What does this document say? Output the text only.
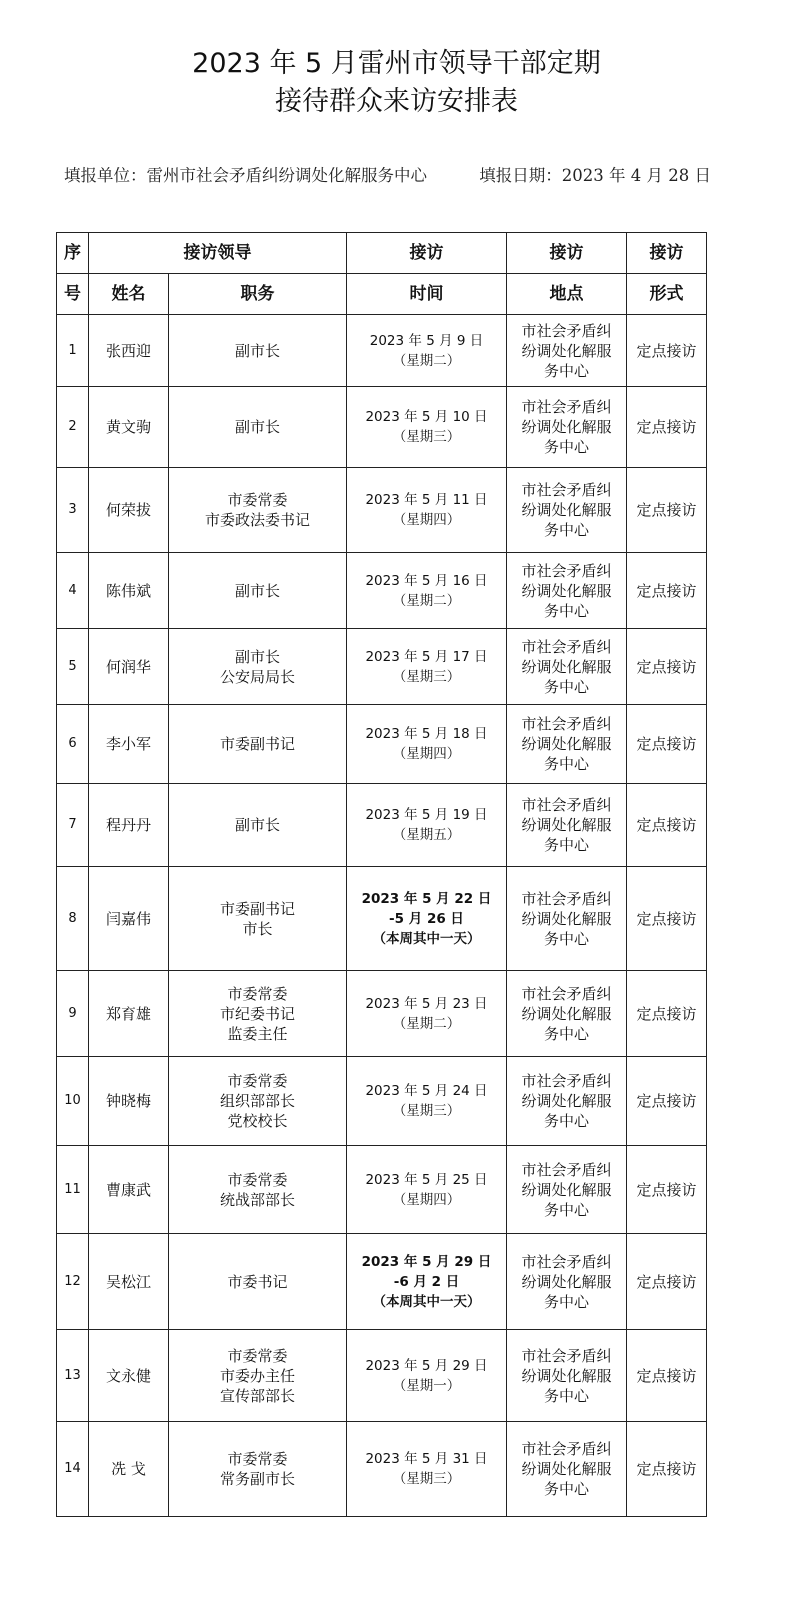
2023 年 5 月雷州市领导干部定期
接待群众来访安排表
填报单位：雷州市社会矛盾纠纷调处化解服务中心	填报日期：2023 年 4 月 28 日
序	接访领导		接访	接访	接访
号	姓名	职务	时间	地点	形式
1	张西迎	副市长	2023 年 5 月 9 日
（星期二）	市社会矛盾纠
纷调处化解服
务中心	定点接访
2	黄文驹	副市长	2023 年 5 月 10 日
（星期三）	市社会矛盾纠
纷调处化解服
务中心	定点接访
3	何荣拔	市委常委
市委政法委书记	2023 年 5 月 11 日
（星期四）	市社会矛盾纠
纷调处化解服
务中心	定点接访
4	陈伟斌	副市长	2023 年 5 月 16 日
（星期二）	市社会矛盾纠
纷调处化解服
务中心	定点接访
5	何润华	副市长
公安局局长	2023 年 5 月 17 日
（星期三）	市社会矛盾纠
纷调处化解服
务中心	定点接访
6	李小军	市委副书记	2023 年 5 月 18 日
（星期四）	市社会矛盾纠
纷调处化解服
务中心	定点接访
7	程丹丹	副市长	2023 年 5 月 19 日
（星期五）	市社会矛盾纠
纷调处化解服
务中心	定点接访
8	闫嘉伟	市委副书记
市长	2023 年 5 月 22 日
-5 月 26 日
（本周其中一天）	市社会矛盾纠
纷调处化解服
务中心	定点接访
9	郑育雄	市委常委
市纪委书记
监委主任	2023 年 5 月 23 日
（星期二）	市社会矛盾纠
纷调处化解服
务中心	定点接访
10	钟晓梅	市委常委
组织部部长
党校校长	2023 年 5 月 24 日
（星期三）	市社会矛盾纠
纷调处化解服
务中心	定点接访
11	曹康武	市委常委
统战部部长	2023 年 5 月 25 日
（星期四）	市社会矛盾纠
纷调处化解服
务中心	定点接访
12	吴松江	市委书记	2023 年 5 月 29 日
-6 月 2 日
（本周其中一天）	市社会矛盾纠
纷调处化解服
务中心	定点接访
13	文永健	市委常委
市委办主任
宣传部部长	2023 年 5 月 29 日
（星期一）	市社会矛盾纠
纷调处化解服
务中心	定点接访
14	冼 戈	市委常委
常务副市长	2023 年 5 月 31 日
（星期三）	市社会矛盾纠
纷调处化解服
务中心	定点接访
